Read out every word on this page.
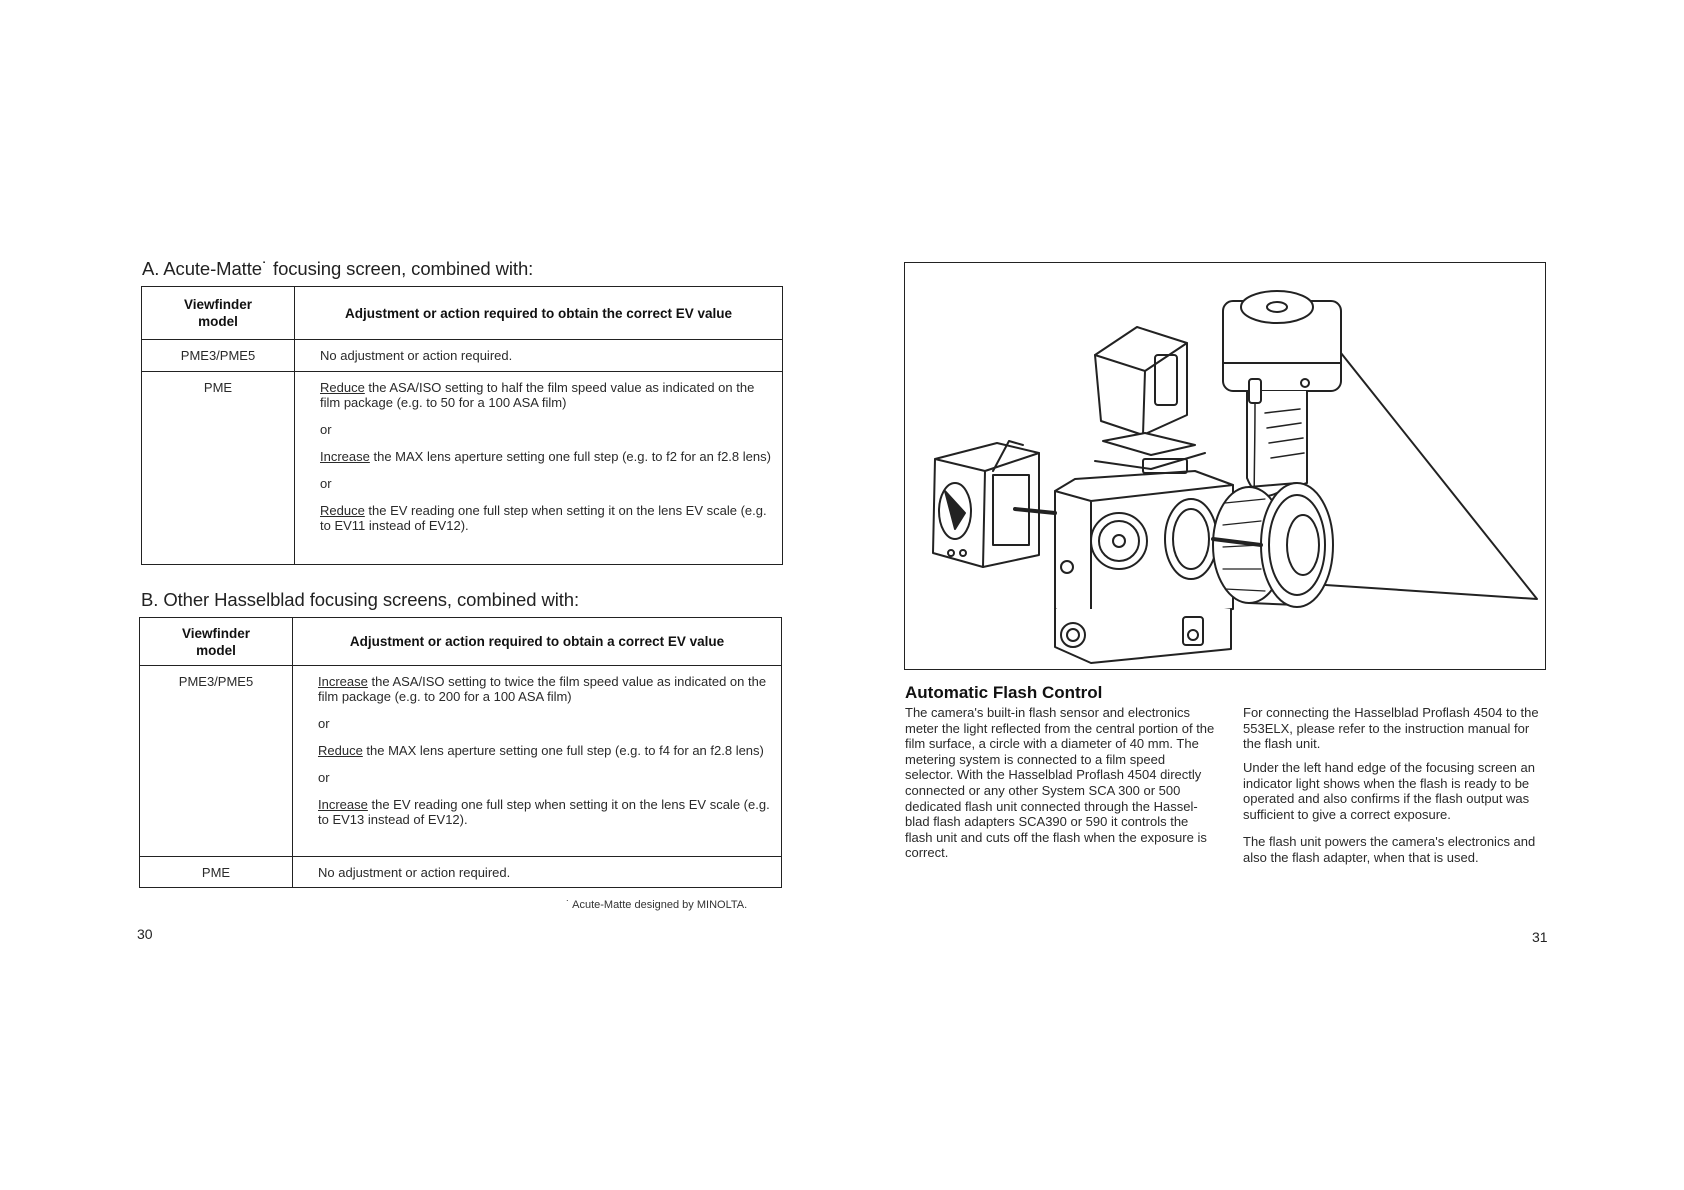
A. Acute-Matte˙ focusing screen, combined with:
Viewfinder model	Adjustment or action required to obtain the correct EV value
PME3/PME5	No adjustment or action required.
PME	Reduce the ASA/ISO setting to half the film speed value as indicated on the film package (e.g. to 50 for a 100 ASA film)

or

Increase the MAX lens aperture setting one full step (e.g. to f2 for an f2.8 lens)

or

Reduce the EV reading one full step when setting it on the lens EV scale (e.g. to EV11 instead of EV12).

B. Other Hasselblad focusing screens, combined with:
Viewfinder model	Adjustment or action required to obtain a correct EV value
PME3/PME5	Increase the ASA/ISO setting to twice the film speed value as indicated on the film package (e.g. to 200 for a 100 ASA film)

or

Reduce the MAX lens aperture setting one full step (e.g. to f4 for an f2.8 lens)

or

Increase the EV reading one full step when setting it on the lens EV scale (e.g. to EV13 instead of EV12).

PME	No adjustment or action required.
˙ Acute-Matte designed by MINOLTA.
30
Automatic Flash Control

The camera's built-in flash sensor and electronics meter the light reflected from the central portion of the film surface, a circle with a diameter of 40 mm. The metering system is connected to a film speed selector. With the Hasselblad Proflash 4504 directly connected or any other System SCA 300 or 500 dedicated flash unit connected through the Hassel-blad flash adapters SCA390 or 590 it controls the flash unit and cuts off the flash when the exposure is correct.

For connecting the Hasselblad Proflash 4504 to the 553ELX, please refer to the instruction manual for the flash unit.

Under the left hand edge of the focusing screen an indicator light shows when the flash is ready to be operated and also confirms if the flash output was sufficient to give a correct exposure.

The flash unit powers the camera's electronics and also the flash adapter, when that is used.

31
